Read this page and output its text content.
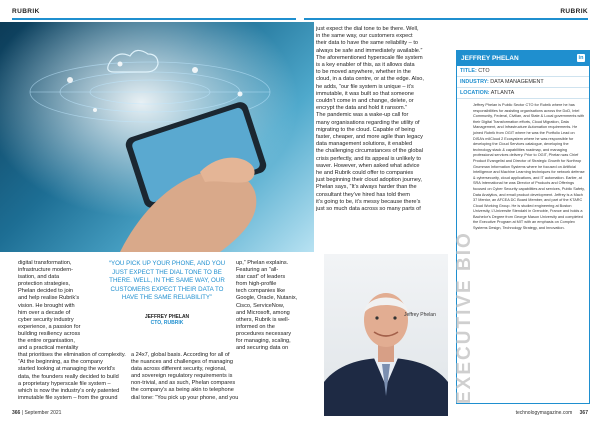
RUBRIK	RUBRIK

digital transformation,
infrastructure modern-
isation, and data
protection strategies,
Phelan decided to join
and help realise Rubrik’s
vision. He brought with
him over a decade of
cyber security industry
experience, a passion for
building resiliency across
the entire organisation,
and a practical mentality
that prioritises the elimination of complexity.
“At the beginning, as the company
started looking at managing the world’s
data, the founders really decided to build
a proprietary hyperscale file system –
which is now the industry’s only patented
immutable file system – from the ground

“YOU PICK UP YOUR PHONE, AND YOU JUST EXPECT THE DIAL TONE TO BE THERE. WELL, IN THE SAME WAY, OUR CUSTOMERS EXPECT THEIR DATA TO HAVE THE SAME RELIABILITY”

JEFFREY PHELAN

CTO, RUBRIK

up,” Phelan explains.
Featuring an “all-
star cast” of leaders
from high-profile
tech companies like
Google, Oracle, Nutanix,
Cisco, ServiceNow,
and Microsoft, among
others, Rubrik is well-
informed on the
procedures necessary
for managing, scaling,
and securing data on

a 24x7, global basis. According for all of
the nuances and challenges of managing
data across different security, regional,
and sovereign regulatory requirements is
non-trivial, and as such, Phelan compares
the company’s as being akin to telephone
dial tone: “You pick up your phone, and you

just expect the dial tone to be there. Well,
in the same way, our customers expect
their data to have the same reliability – to
always be safe and immediately available.”
The aforementioned hyperscale file system
is a key enabler of this, as it allows data
to be moved anywhere, whether in the
cloud, in a data centre, or at the edge. Also,
he adds, “our file system is unique – it’s
immutable, it was built so that someone
couldn’t come in and change, delete, or
encrypt the data and hold it ransom.”
The pandemic was a wake-up call for
many organisations regarding the utility of
migrating to the cloud. Capable of being
faster, cheaper, and more agile than legacy
data management solutions, it enabled
the challenging circumstances of the global
crisis perfectly, and its appeal is unlikely to
waver. However, when asked what advice
he and Rubrik could offer to companies
just beginning their cloud adoption journey,
Phelan says, “It’s always harder than the
consultant they’ve hired has told them
it’s going to be, it’s messy because there’s
just so much data across so many parts of

Jeffrey Phelan
JEFFREY PHELAN	in
TITLE: CTO
INDUSTRY: DATA MANAGEMENT
LOCATION: ATLANTA

Jeffrey Phelan is Public Sector CTO for Rubrik where he has responsibilities for assisting organisations across the DoD, Intel Community, Federal, Civilian, and State & Local governments with their Digital Transformation efforts, Cloud Migration, Data Management, and Infrastructure Automation requirements. He joined Rubrik from OGIT where he was the Portfolio Lead on DISA’s milCloud 2 Ecosystem where he was responsible for developing the Cloud Services catalogue, developing the technology stack & capabilities roadmap, and managing professional services delivery. Prior to OGIT, Phelan was Chief Product Evangelist and Director of Strategic Growth for Northrop Grumman Information Systems where he focused on Artificial Intelligence and Machine Learning techniques for network defense & cybersecurity, cloud applications, and IT automation. Earlier, at SRA International he was Director of Products and Offerings focused on Cyber Security capabilities and services, Public Safety, Data Analytics, and email product development. Jeffrey is a Mach 37 Mentor, an AFCEA DC Board Member, and part of the KTARC Cloud Working Group. He is studied engineering at Boston University, L’Universite Stendahl in Grenoble, France and holds a Bachelor’s Degree from George Mason University and completed the Executive Program at MIT with an emphasis on Complex Systems Design, Technology Strategy, and Innovation.

EXECUTIVE BIO
366 | September 2021	technologymagazine.com 367
